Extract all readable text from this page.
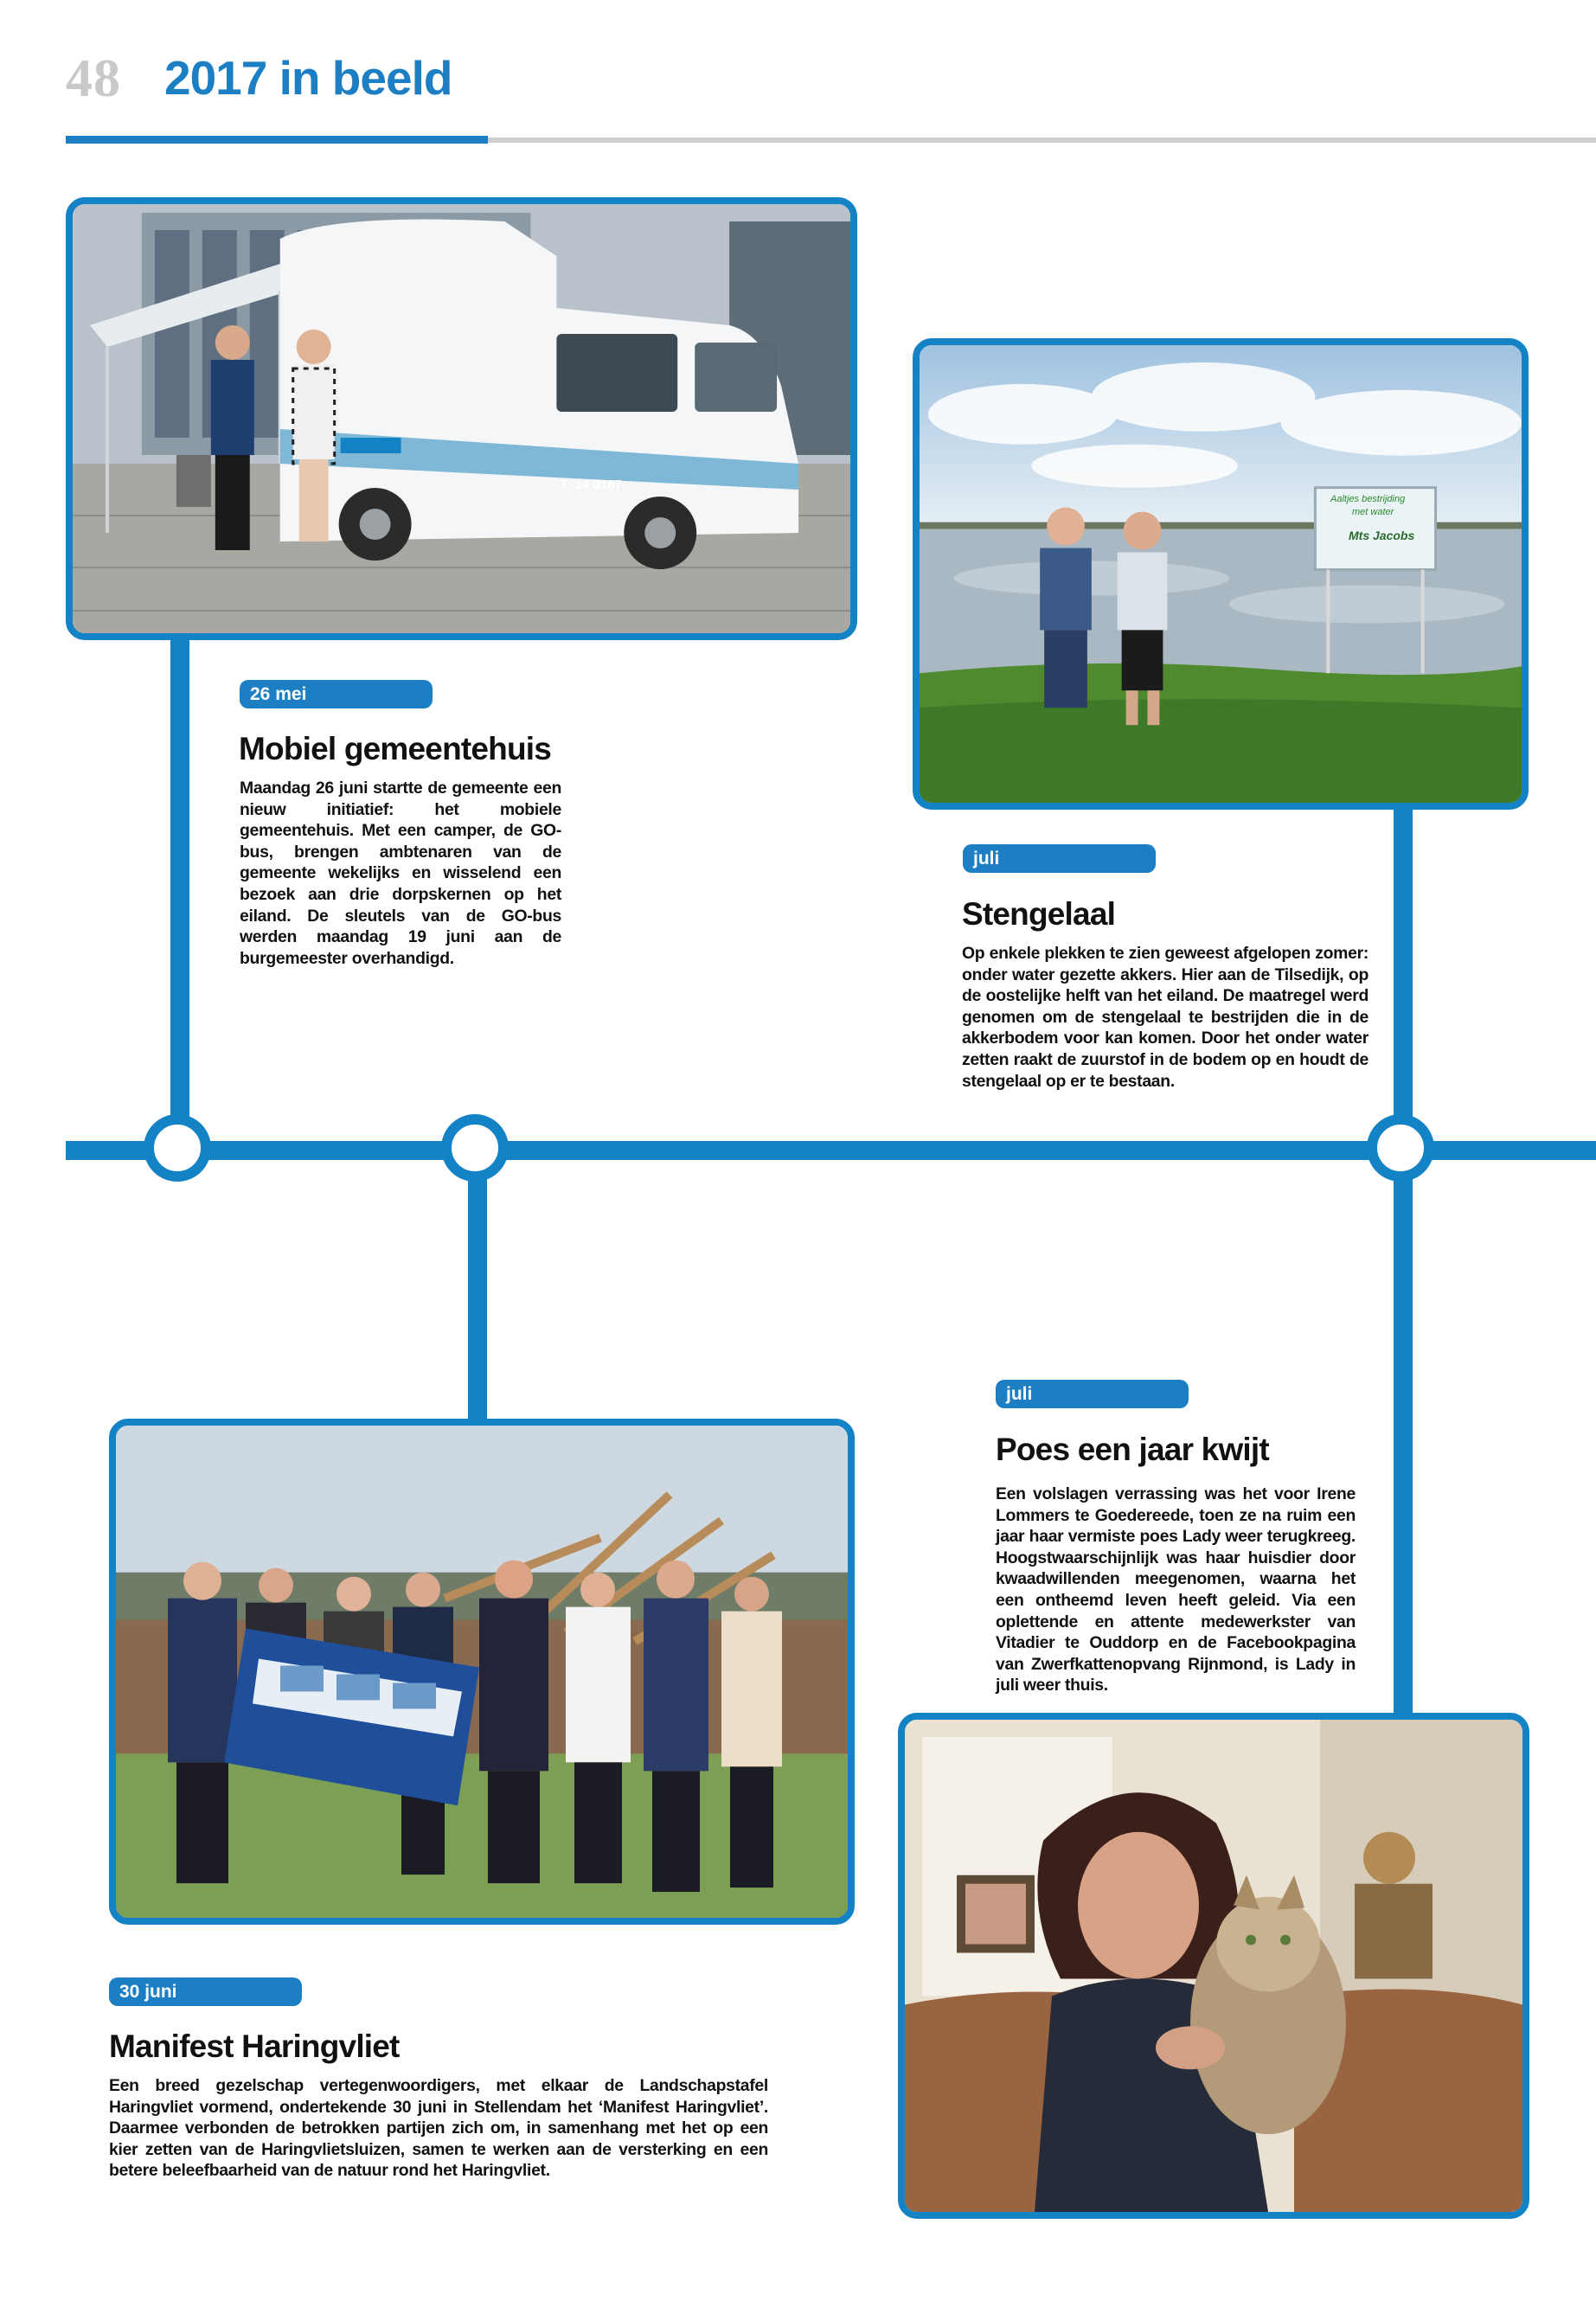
48 2017 in beeld
T: 14 0187
Aaltjes bestrijding
met water
Mts Jacobs
26 mei
Mobiel gemeentehuis
Maandag 26 juni startte de gemeente een nieuw initiatief: het mobiele gemeentehuis. Met een camper, de GO-bus, brengen ambtenaren van de gemeente wekelijks en wisselend een bezoek aan drie dorpskernen op het eiland. De sleutels van de GO-bus werden maandag 19 juni aan de burgemeester overhandigd.
juli
Stengelaal
Op enkele plekken te zien geweest afgelopen zomer: onder water gezette akkers. Hier aan de Tilsedijk, op de oostelijke helft van het eiland. De maatregel werd genomen om de stengelaal te bestrijden die in de akkerbodem voor kan komen. Door het onder water zetten raakt de zuurstof in de bodem op en houdt de stengelaal op er te bestaan.
juli
Poes een jaar kwijt
Een volslagen verrassing was het voor Irene Lommers te Goedereede, toen ze na ruim een jaar haar vermiste poes Lady weer terugkreeg. Hoogstwaarschijnlijk was haar huisdier door kwaadwillenden meegenomen, waarna het een ontheemd leven heeft geleid. Via een oplettende en attente medewerkster van Vitadier te Ouddorp en de Facebookpagina van Zwerfkattenopvang Rijnmond, is Lady in juli weer thuis.
30 juni
Manifest Haringvliet
Een breed gezelschap vertegenwoordigers, met elkaar de Landschapstafel Haringvliet vormend, ondertekende 30 juni in Stellendam het ‘Manifest Haringvliet’. Daarmee verbonden de betrokken partijen zich om, in samenhang met het op een kier zetten van de Haringvlietsluizen, samen te werken aan de versterking en een betere beleefbaarheid van de natuur rond het Haringvliet.
